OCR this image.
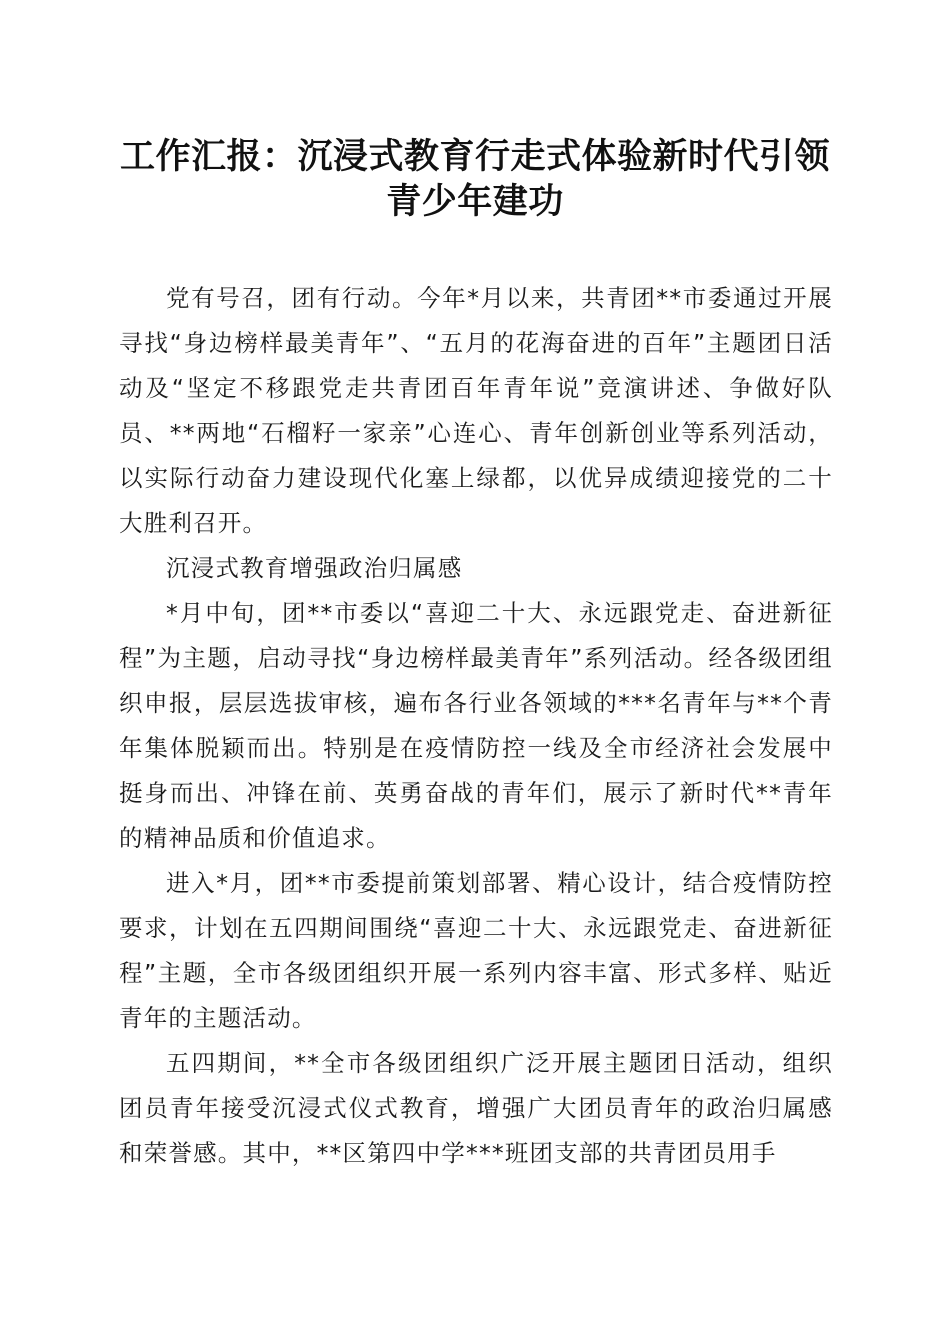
工作汇报：沉浸式教育行走式体验新时代引领
青少年建功

党有号召，团有行动。今年*月以来，共青团**市委通过开展寻找“身边榜样最美青年”、“五月的花海奋进的百年”主题团日活动及“坚定不移跟党走共青团百年青年说”竞演讲述、争做好队员、**两地“石榴籽一家亲”心连心、青年创新创业等系列活动，以实际行动奋力建设现代化塞上绿都，以优异成绩迎接党的二十大胜利召开。

沉浸式教育增强政治归属感

*月中旬，团**市委以“喜迎二十大、永远跟党走、奋进新征程”为主题，启动寻找“身边榜样最美青年”系列活动。经各级团组织申报，层层选拔审核，遍布各行业各领域的***名青年与**个青年集体脱颖而出。特别是在疫情防控一线及全市经济社会发展中挺身而出、冲锋在前、英勇奋战的青年们，展示了新时代**青年的精神品质和价值追求。

进入*月，团**市委提前策划部署、精心设计，结合疫情防控要求，计划在五四期间围绕“喜迎二十大、永远跟党走、奋进新征程”主题，全市各级团组织开展一系列内容丰富、形式多样、贴近青年的主题活动。

五四期间，**全市各级团组织广泛开展主题团日活动，组织团员青年接受沉浸式仪式教育，增强广大团员青年的政治归属感和荣誉感。其中，**区第四中学***班团支部的共青团员用手
